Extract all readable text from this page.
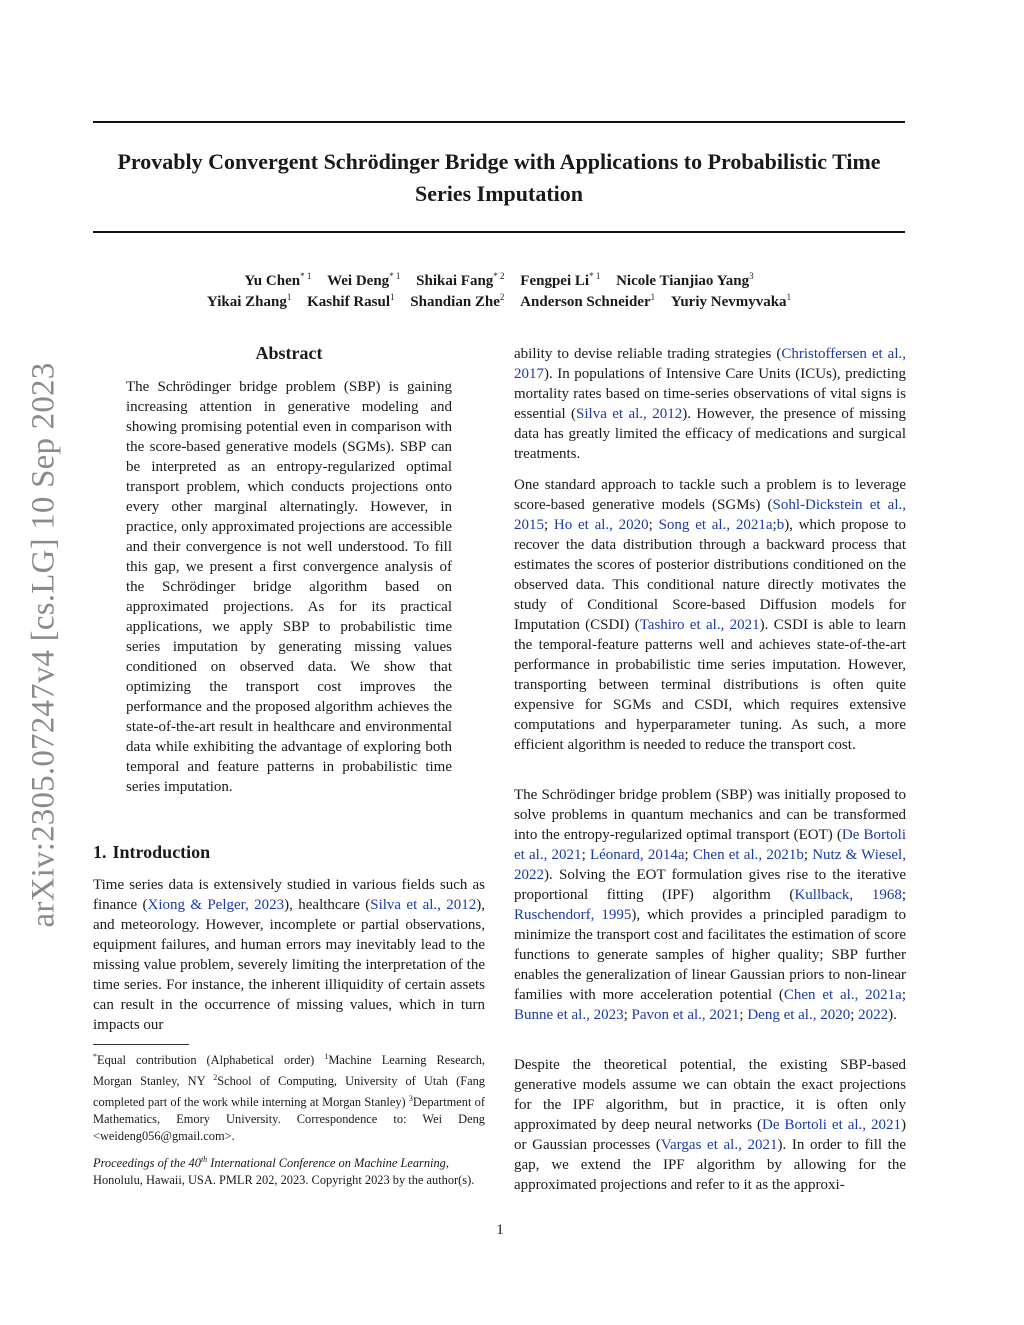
Provably Convergent Schrödinger Bridge with Applications to Probabilistic Time Series Imputation
Yu Chen$^{* 1}$ Wei Deng$^{* 1}$ Shikai Fang$^{* 2}$ Fengpei Li$^{* 1}$ Nicole Tianjiao Yang$^3$
Yikai Zhang$^1$ Kashif Rasul$^1$ Shandian Zhe$^2$ Anderson Schneider$^1$ Yuriy Nevmyvaka$^1$
arXiv:2305.07247v4 [cs.LG] 10 Sep 2023
Abstract

The Schrödinger bridge problem (SBP) is gaining increasing attention in generative modeling and showing promising potential even in comparison with the score-based generative models (SGMs). SBP can be interpreted as an entropy-regularized optimal transport problem, which conducts projections onto every other marginal alternatingly. However, in practice, only approximated projections are accessible and their convergence is not well understood. To fill this gap, we present a first convergence analysis of the Schrödinger bridge algorithm based on approximated projections. As for its practical applications, we apply SBP to probabilistic time series imputation by generating missing values conditioned on observed data. We show that optimizing the transport cost improves the performance and the proposed algorithm achieves the state-of-the-art result in healthcare and environmental data while exhibiting the advantage of exploring both temporal and feature patterns in probabilistic time series imputation.

1. Introduction

Time series data is extensively studied in various fields such as finance (Xiong & Pelger, 2023), healthcare (Silva et al., 2012), and meteorology. However, incomplete or partial observations, equipment failures, and human errors may inevitably lead to the missing value problem, severely limiting the interpretation of the time series. For instance, the inherent illiquidity of certain assets can result in the occurrence of missing values, which in turn impacts our

*Equal contribution (Alphabetical order) $^1$Machine Learning Research, Morgan Stanley, NY $^2$School of Computing, University of Utah (Fang completed part of the work while interning at Morgan Stanley) $^3$Department of Mathematics, Emory University. Correspondence to: Wei Deng <weideng056@gmail.com>.

Proceedings of the 40th International Conference on Machine Learning, Honolulu, Hawaii, USA. PMLR 202, 2023. Copyright 2023 by the author(s).

ability to devise reliable trading strategies (Christoffersen et al., 2017). In populations of Intensive Care Units (ICUs), predicting mortality rates based on time-series observations of vital signs is essential (Silva et al., 2012). However, the presence of missing data has greatly limited the efficacy of medications and surgical treatments.

One standard approach to tackle such a problem is to leverage score-based generative models (SGMs) (Sohl-Dickstein et al., 2015; Ho et al., 2020; Song et al., 2021a;b), which propose to recover the data distribution through a backward process that estimates the scores of posterior distributions conditioned on the observed data. This conditional nature directly motivates the study of Conditional Score-based Diffusion models for Imputation (CSDI) (Tashiro et al., 2021). CSDI is able to learn the temporal-feature patterns well and achieves state-of-the-art performance in probabilistic time series imputation. However, transporting between terminal distributions is often quite expensive for SGMs and CSDI, which requires extensive computations and hyperparameter tuning. As such, a more efficient algorithm is needed to reduce the transport cost.

The Schrödinger bridge problem (SBP) was initially proposed to solve problems in quantum mechanics and can be transformed into the entropy-regularized optimal transport (EOT) (De Bortoli et al., 2021; Léonard, 2014a; Chen et al., 2021b; Nutz & Wiesel, 2022). Solving the EOT formulation gives rise to the iterative proportional fitting (IPF) algorithm (Kullback, 1968; Ruschendorf, 1995), which provides a principled paradigm to minimize the transport cost and facilitates the estimation of score functions to generate samples of higher quality; SBP further enables the generalization of linear Gaussian priors to non-linear families with more acceleration potential (Chen et al., 2021a; Bunne et al., 2023; Pavon et al., 2021; Deng et al., 2020; 2022).

Despite the theoretical potential, the existing SBP-based generative models assume we can obtain the exact projections for the IPF algorithm, but in practice, it is often only approximated by deep neural networks (De Bortoli et al., 2021) or Gaussian processes (Vargas et al., 2021). In order to fill the gap, we extend the IPF algorithm by allowing for the approximated projections and refer to it as the approxi-

1
